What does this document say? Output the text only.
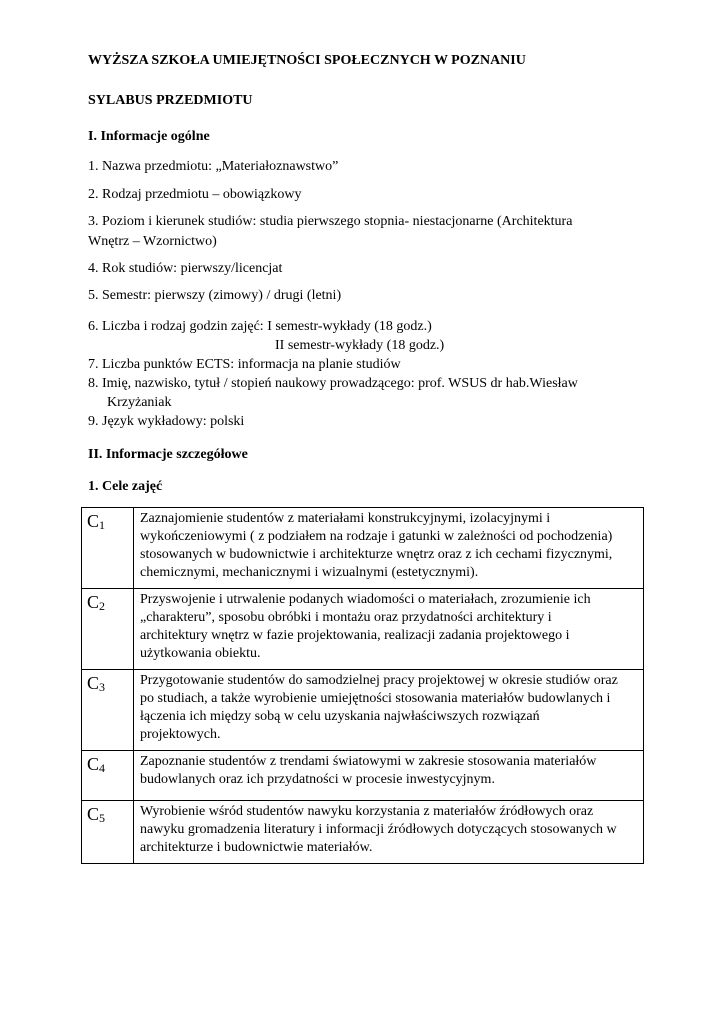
WYŻSZA SZKOŁA UMIEJĘTNOŚCI SPOŁECZNYCH W POZNANIU
SYLABUS PRZEDMIOTU
I. Informacje ogólne
1. Nazwa przedmiotu: „Materiałoznawstwo”
2. Rodzaj przedmiotu – obowiązkowy
3. Poziom i kierunek studiów: studia pierwszego stopnia- niestacjonarne (Architektura
Wnętrz – Wzornictwo)
4. Rok studiów: pierwszy/licencjat
5. Semestr: pierwszy (zimowy) / drugi (letni)
6. Liczba i rodzaj godzin zajęć: I semestr-wykłady (18 godz.)
II semestr-wykłady (18 godz.)
7. Liczba punktów ECTS: informacja na planie studiów
8. Imię, nazwisko, tytuł / stopień naukowy prowadzącego: prof. WSUS dr hab.Wiesław
Krzyżaniak
9. Język wykładowy: polski
II. Informacje szczegółowe
1. Cele zajęć
$C_1$	Zaznajomienie studentów z materiałami konstrukcyjnymi, izolacyjnymi i
wykończeniowymi ( z podziałem na rodzaje i gatunki w zależności od pochodzenia)
stosowanych w budownictwie i architekturze wnętrz oraz z ich cechami fizycznymi,
chemicznymi, mechanicznymi i wizualnymi (estetycznymi).

$C_2$	Przyswojenie i utrwalenie podanych wiadomości o materiałach, zrozumienie ich
„charakteru”, sposobu obróbki i montażu oraz przydatności architektury i
architektury wnętrz w fazie projektowania, realizacji zadania projektowego i
użytkowania obiektu.

$C_3$	Przygotowanie studentów do samodzielnej pracy projektowej w okresie studiów oraz
po studiach, a także wyrobienie umiejętności stosowania materiałów budowlanych i
łączenia ich między sobą w celu uzyskania najwłaściwszych rozwiązań
projektowych.

$C_4$	Zapoznanie studentów z trendami światowymi w zakresie stosowania materiałów
budowlanych oraz ich przydatności w procesie inwestycyjnym.

$C_5$	Wyrobienie wśród studentów nawyku korzystania z materiałów źródłowych oraz
nawyku gromadzenia literatury i informacji źródłowych dotyczących stosowanych w
architekturze i budownictwie materiałów.
